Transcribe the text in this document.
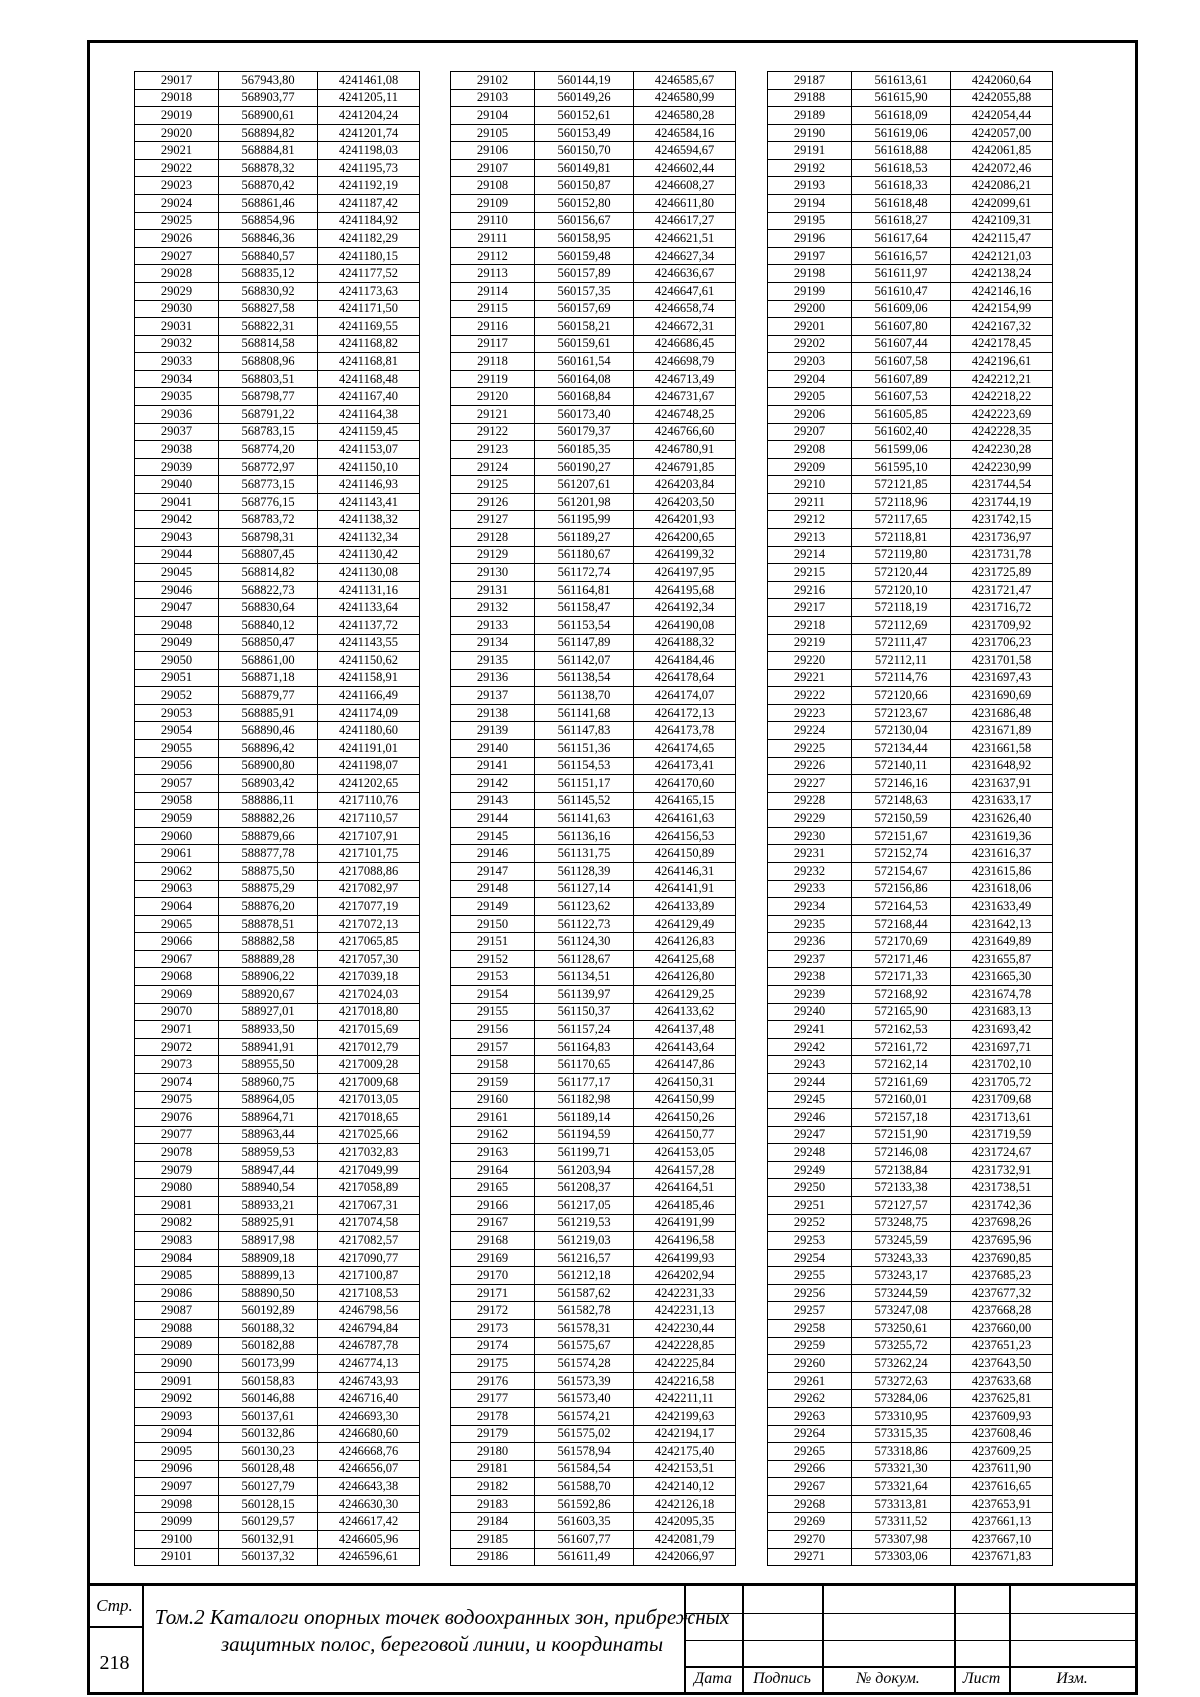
29017	567943,80	4241461,08
29018	568903,77	4241205,11
29019	568900,61	4241204,24
29020	568894,82	4241201,74
29021	568884,81	4241198,03
29022	568878,32	4241195,73
29023	568870,42	4241192,19
29024	568861,46	4241187,42
29025	568854,96	4241184,92
29026	568846,36	4241182,29
29027	568840,57	4241180,15
29028	568835,12	4241177,52
29029	568830,92	4241173,63
29030	568827,58	4241171,50
29031	568822,31	4241169,55
29032	568814,58	4241168,82
29033	568808,96	4241168,81
29034	568803,51	4241168,48
29035	568798,77	4241167,40
29036	568791,22	4241164,38
29037	568783,15	4241159,45
29038	568774,20	4241153,07
29039	568772,97	4241150,10
29040	568773,15	4241146,93
29041	568776,15	4241143,41
29042	568783,72	4241138,32
29043	568798,31	4241132,34
29044	568807,45	4241130,42
29045	568814,82	4241130,08
29046	568822,73	4241131,16
29047	568830,64	4241133,64
29048	568840,12	4241137,72
29049	568850,47	4241143,55
29050	568861,00	4241150,62
29051	568871,18	4241158,91
29052	568879,77	4241166,49
29053	568885,91	4241174,09
29054	568890,46	4241180,60
29055	568896,42	4241191,01
29056	568900,80	4241198,07
29057	568903,42	4241202,65
29058	588886,11	4217110,76
29059	588882,26	4217110,57
29060	588879,66	4217107,91
29061	588877,78	4217101,75
29062	588875,50	4217088,86
29063	588875,29	4217082,97
29064	588876,20	4217077,19
29065	588878,51	4217072,13
29066	588882,58	4217065,85
29067	588889,28	4217057,30
29068	588906,22	4217039,18
29069	588920,67	4217024,03
29070	588927,01	4217018,80
29071	588933,50	4217015,69
29072	588941,91	4217012,79
29073	588955,50	4217009,28
29074	588960,75	4217009,68
29075	588964,05	4217013,05
29076	588964,71	4217018,65
29077	588963,44	4217025,66
29078	588959,53	4217032,83
29079	588947,44	4217049,99
29080	588940,54	4217058,89
29081	588933,21	4217067,31
29082	588925,91	4217074,58
29083	588917,98	4217082,57
29084	588909,18	4217090,77
29085	588899,13	4217100,87
29086	588890,50	4217108,53
29087	560192,89	4246798,56
29088	560188,32	4246794,84
29089	560182,88	4246787,78
29090	560173,99	4246774,13
29091	560158,83	4246743,93
29092	560146,88	4246716,40
29093	560137,61	4246693,30
29094	560132,86	4246680,60
29095	560130,23	4246668,76
29096	560128,48	4246656,07
29097	560127,79	4246643,38
29098	560128,15	4246630,30
29099	560129,57	4246617,42
29100	560132,91	4246605,96
29101	560137,32	4246596,61
29102	560144,19	4246585,67
29103	560149,26	4246580,99
29104	560152,61	4246580,28
29105	560153,49	4246584,16
29106	560150,70	4246594,67
29107	560149,81	4246602,44
29108	560150,87	4246608,27
29109	560152,80	4246611,80
29110	560156,67	4246617,27
29111	560158,95	4246621,51
29112	560159,48	4246627,34
29113	560157,89	4246636,67
29114	560157,35	4246647,61
29115	560157,69	4246658,74
29116	560158,21	4246672,31
29117	560159,61	4246686,45
29118	560161,54	4246698,79
29119	560164,08	4246713,49
29120	560168,84	4246731,67
29121	560173,40	4246748,25
29122	560179,37	4246766,60
29123	560185,35	4246780,91
29124	560190,27	4246791,85
29125	561207,61	4264203,84
29126	561201,98	4264203,50
29127	561195,99	4264201,93
29128	561189,27	4264200,65
29129	561180,67	4264199,32
29130	561172,74	4264197,95
29131	561164,81	4264195,68
29132	561158,47	4264192,34
29133	561153,54	4264190,08
29134	561147,89	4264188,32
29135	561142,07	4264184,46
29136	561138,54	4264178,64
29137	561138,70	4264174,07
29138	561141,68	4264172,13
29139	561147,83	4264173,78
29140	561151,36	4264174,65
29141	561154,53	4264173,41
29142	561151,17	4264170,60
29143	561145,52	4264165,15
29144	561141,63	4264161,63
29145	561136,16	4264156,53
29146	561131,75	4264150,89
29147	561128,39	4264146,31
29148	561127,14	4264141,91
29149	561123,62	4264133,89
29150	561122,73	4264129,49
29151	561124,30	4264126,83
29152	561128,67	4264125,68
29153	561134,51	4264126,80
29154	561139,97	4264129,25
29155	561150,37	4264133,62
29156	561157,24	4264137,48
29157	561164,83	4264143,64
29158	561170,65	4264147,86
29159	561177,17	4264150,31
29160	561182,98	4264150,99
29161	561189,14	4264150,26
29162	561194,59	4264150,77
29163	561199,71	4264153,05
29164	561203,94	4264157,28
29165	561208,37	4264164,51
29166	561217,05	4264185,46
29167	561219,53	4264191,99
29168	561219,03	4264196,58
29169	561216,57	4264199,93
29170	561212,18	4264202,94
29171	561587,62	4242231,33
29172	561582,78	4242231,13
29173	561578,31	4242230,44
29174	561575,67	4242228,85
29175	561574,28	4242225,84
29176	561573,39	4242216,58
29177	561573,40	4242211,11
29178	561574,21	4242199,63
29179	561575,02	4242194,17
29180	561578,94	4242175,40
29181	561584,54	4242153,51
29182	561588,70	4242140,12
29183	561592,86	4242126,18
29184	561603,35	4242095,35
29185	561607,77	4242081,79
29186	561611,49	4242066,97
29187	561613,61	4242060,64
29188	561615,90	4242055,88
29189	561618,09	4242054,44
29190	561619,06	4242057,00
29191	561618,88	4242061,85
29192	561618,53	4242072,46
29193	561618,33	4242086,21
29194	561618,48	4242099,61
29195	561618,27	4242109,31
29196	561617,64	4242115,47
29197	561616,57	4242121,03
29198	561611,97	4242138,24
29199	561610,47	4242146,16
29200	561609,06	4242154,99
29201	561607,80	4242167,32
29202	561607,44	4242178,45
29203	561607,58	4242196,61
29204	561607,89	4242212,21
29205	561607,53	4242218,22
29206	561605,85	4242223,69
29207	561602,40	4242228,35
29208	561599,06	4242230,28
29209	561595,10	4242230,99
29210	572121,85	4231744,54
29211	572118,96	4231744,19
29212	572117,65	4231742,15
29213	572118,81	4231736,97
29214	572119,80	4231731,78
29215	572120,44	4231725,89
29216	572120,10	4231721,47
29217	572118,19	4231716,72
29218	572112,69	4231709,92
29219	572111,47	4231706,23
29220	572112,11	4231701,58
29221	572114,76	4231697,43
29222	572120,66	4231690,69
29223	572123,67	4231686,48
29224	572130,04	4231671,89
29225	572134,44	4231661,58
29226	572140,11	4231648,92
29227	572146,16	4231637,91
29228	572148,63	4231633,17
29229	572150,59	4231626,40
29230	572151,67	4231619,36
29231	572152,74	4231616,37
29232	572154,67	4231615,86
29233	572156,86	4231618,06
29234	572164,53	4231633,49
29235	572168,44	4231642,13
29236	572170,69	4231649,89
29237	572171,46	4231655,87
29238	572171,33	4231665,30
29239	572168,92	4231674,78
29240	572165,90	4231683,13
29241	572162,53	4231693,42
29242	572161,72	4231697,71
29243	572162,14	4231702,10
29244	572161,69	4231705,72
29245	572160,01	4231709,68
29246	572157,18	4231713,61
29247	572151,90	4231719,59
29248	572146,08	4231724,67
29249	572138,84	4231732,91
29250	572133,38	4231738,51
29251	572127,57	4231742,36
29252	573248,75	4237698,26
29253	573245,59	4237695,96
29254	573243,33	4237690,85
29255	573243,17	4237685,23
29256	573244,59	4237677,32
29257	573247,08	4237668,28
29258	573250,61	4237660,00
29259	573255,72	4237651,23
29260	573262,24	4237643,50
29261	573272,63	4237633,68
29262	573284,06	4237625,81
29263	573310,95	4237609,93
29264	573315,35	4237608,46
29265	573318,86	4237609,25
29266	573321,30	4237611,90
29267	573321,64	4237616,65
29268	573313,81	4237653,91
29269	573311,52	4237661,13
29270	573307,98	4237667,10
29271	573303,06	4237671,83
Стр.
218
Том.2 Каталоги опорных точек водоохранных зон, прибрежных защитных полос, береговой линии, и координаты
Дата	Подпись	№ докум.	Лист	Изм.
